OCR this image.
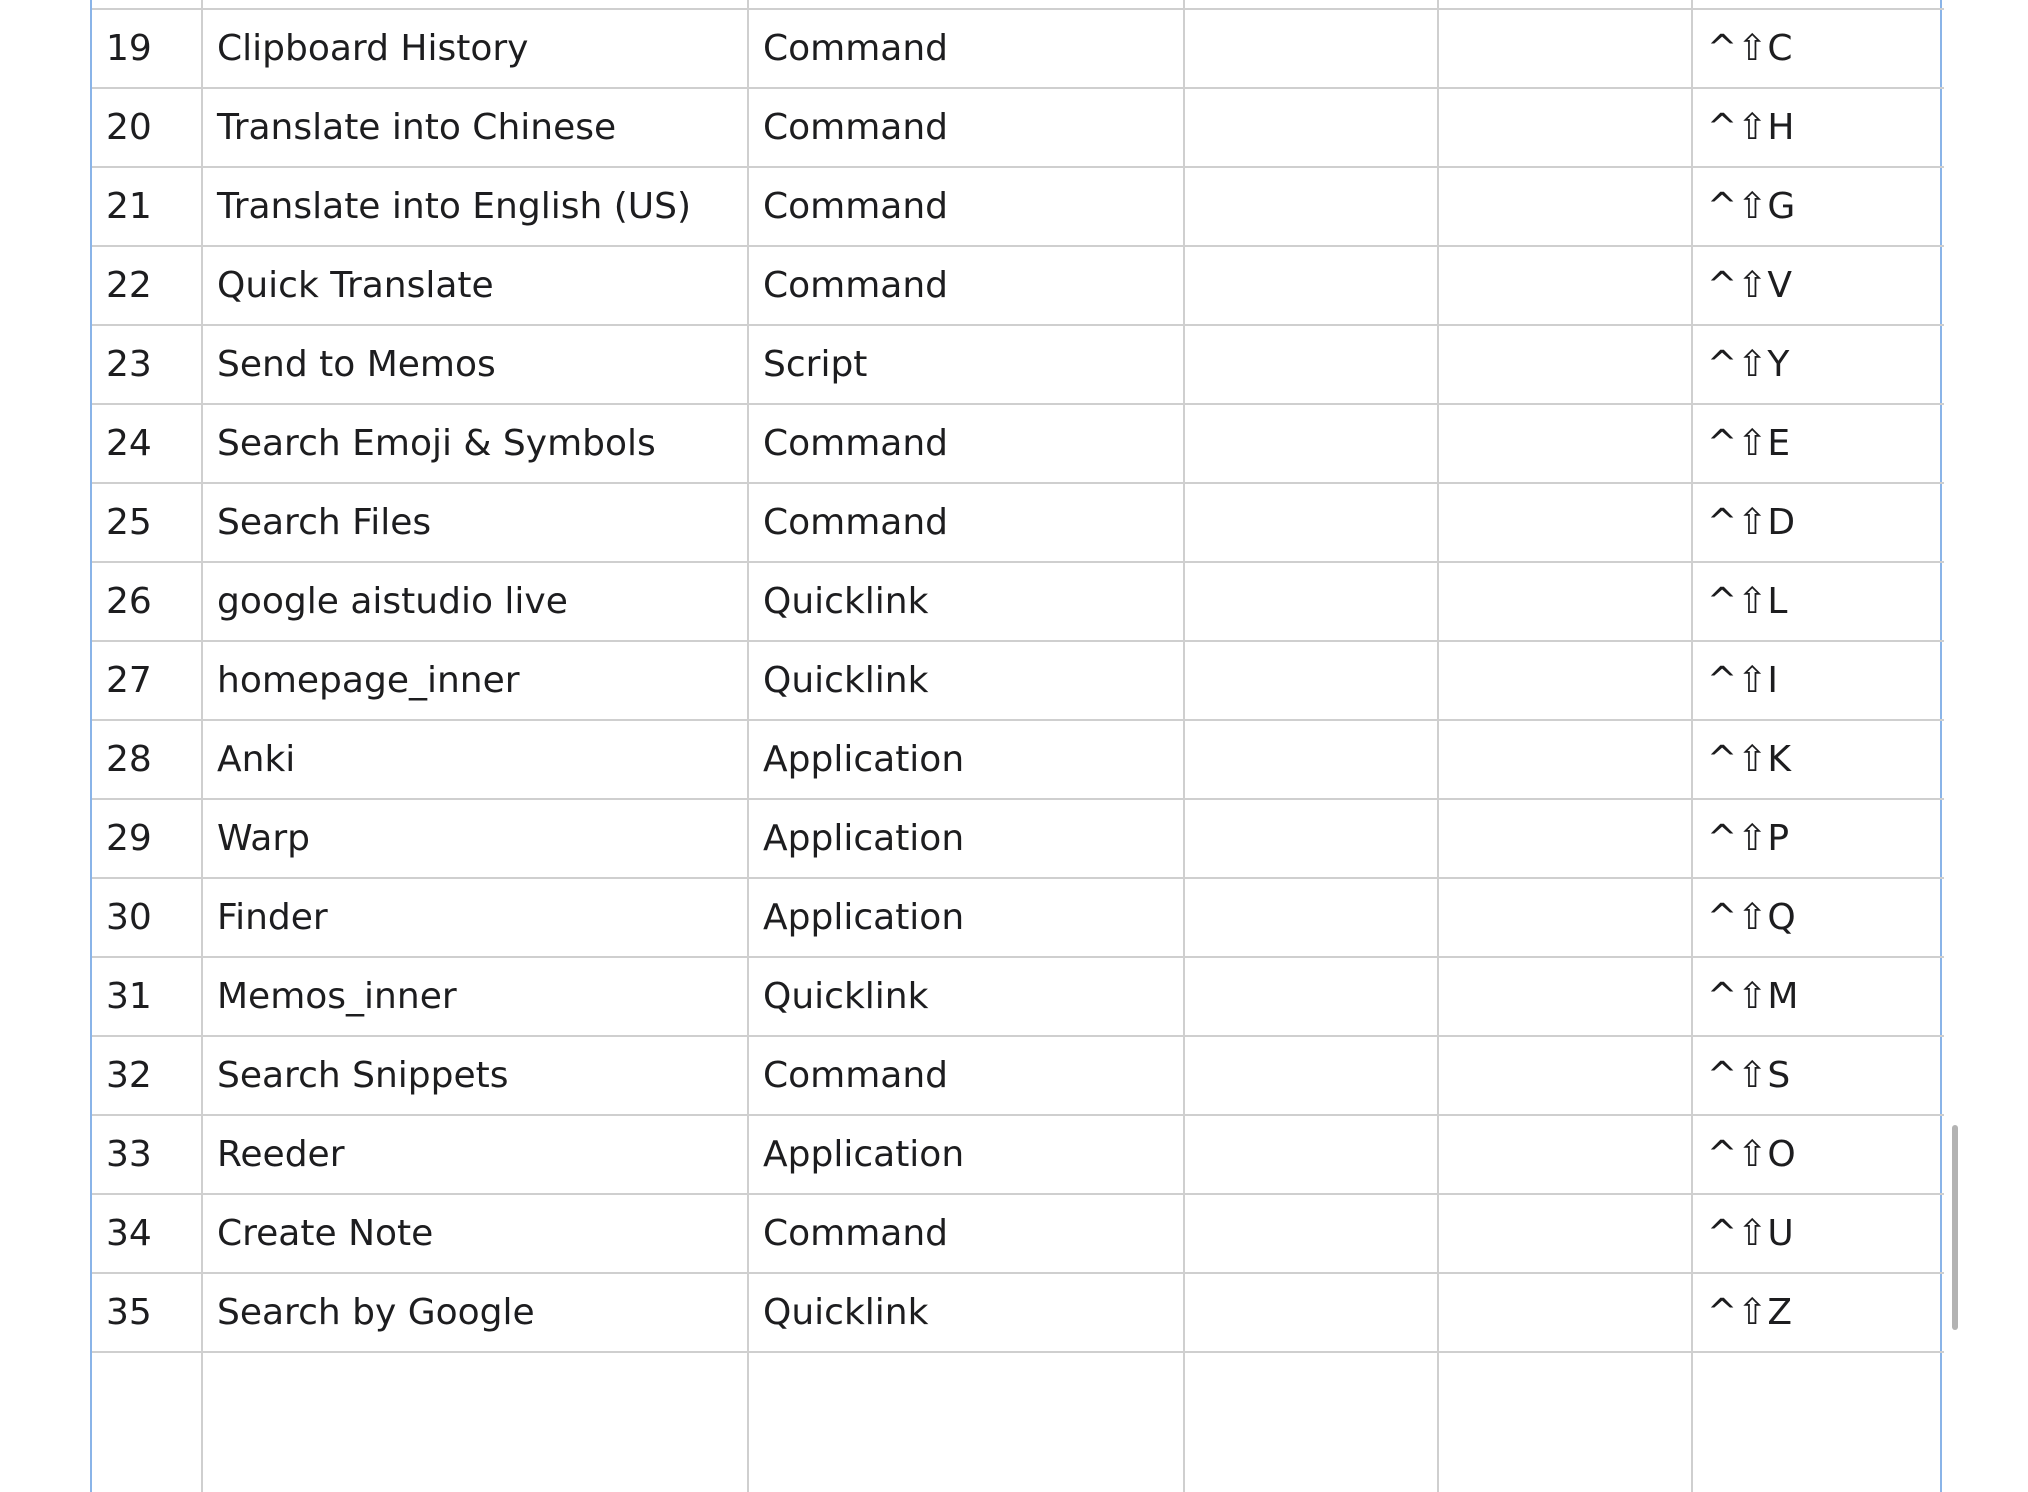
19	Clipboard History	Command			^⇧C
20	Translate into Chinese	Command			^⇧H
21	Translate into English (US)	Command			^⇧G
22	Quick Translate	Command			^⇧V
23	Send to Memos	Script			^⇧Y
24	Search Emoji & Symbols	Command			^⇧E
25	Search Files	Command			^⇧D
26	google aistudio live	Quicklink			^⇧L
27	homepage_inner	Quicklink			^⇧I
28	Anki	Application			^⇧K
29	Warp	Application			^⇧P
30	Finder	Application			^⇧Q
31	Memos_inner	Quicklink			^⇧M
32	Search Snippets	Command			^⇧S
33	Reeder	Application			^⇧O
34	Create Note	Command			^⇧U
35	Search by Google	Quicklink			^⇧Z
